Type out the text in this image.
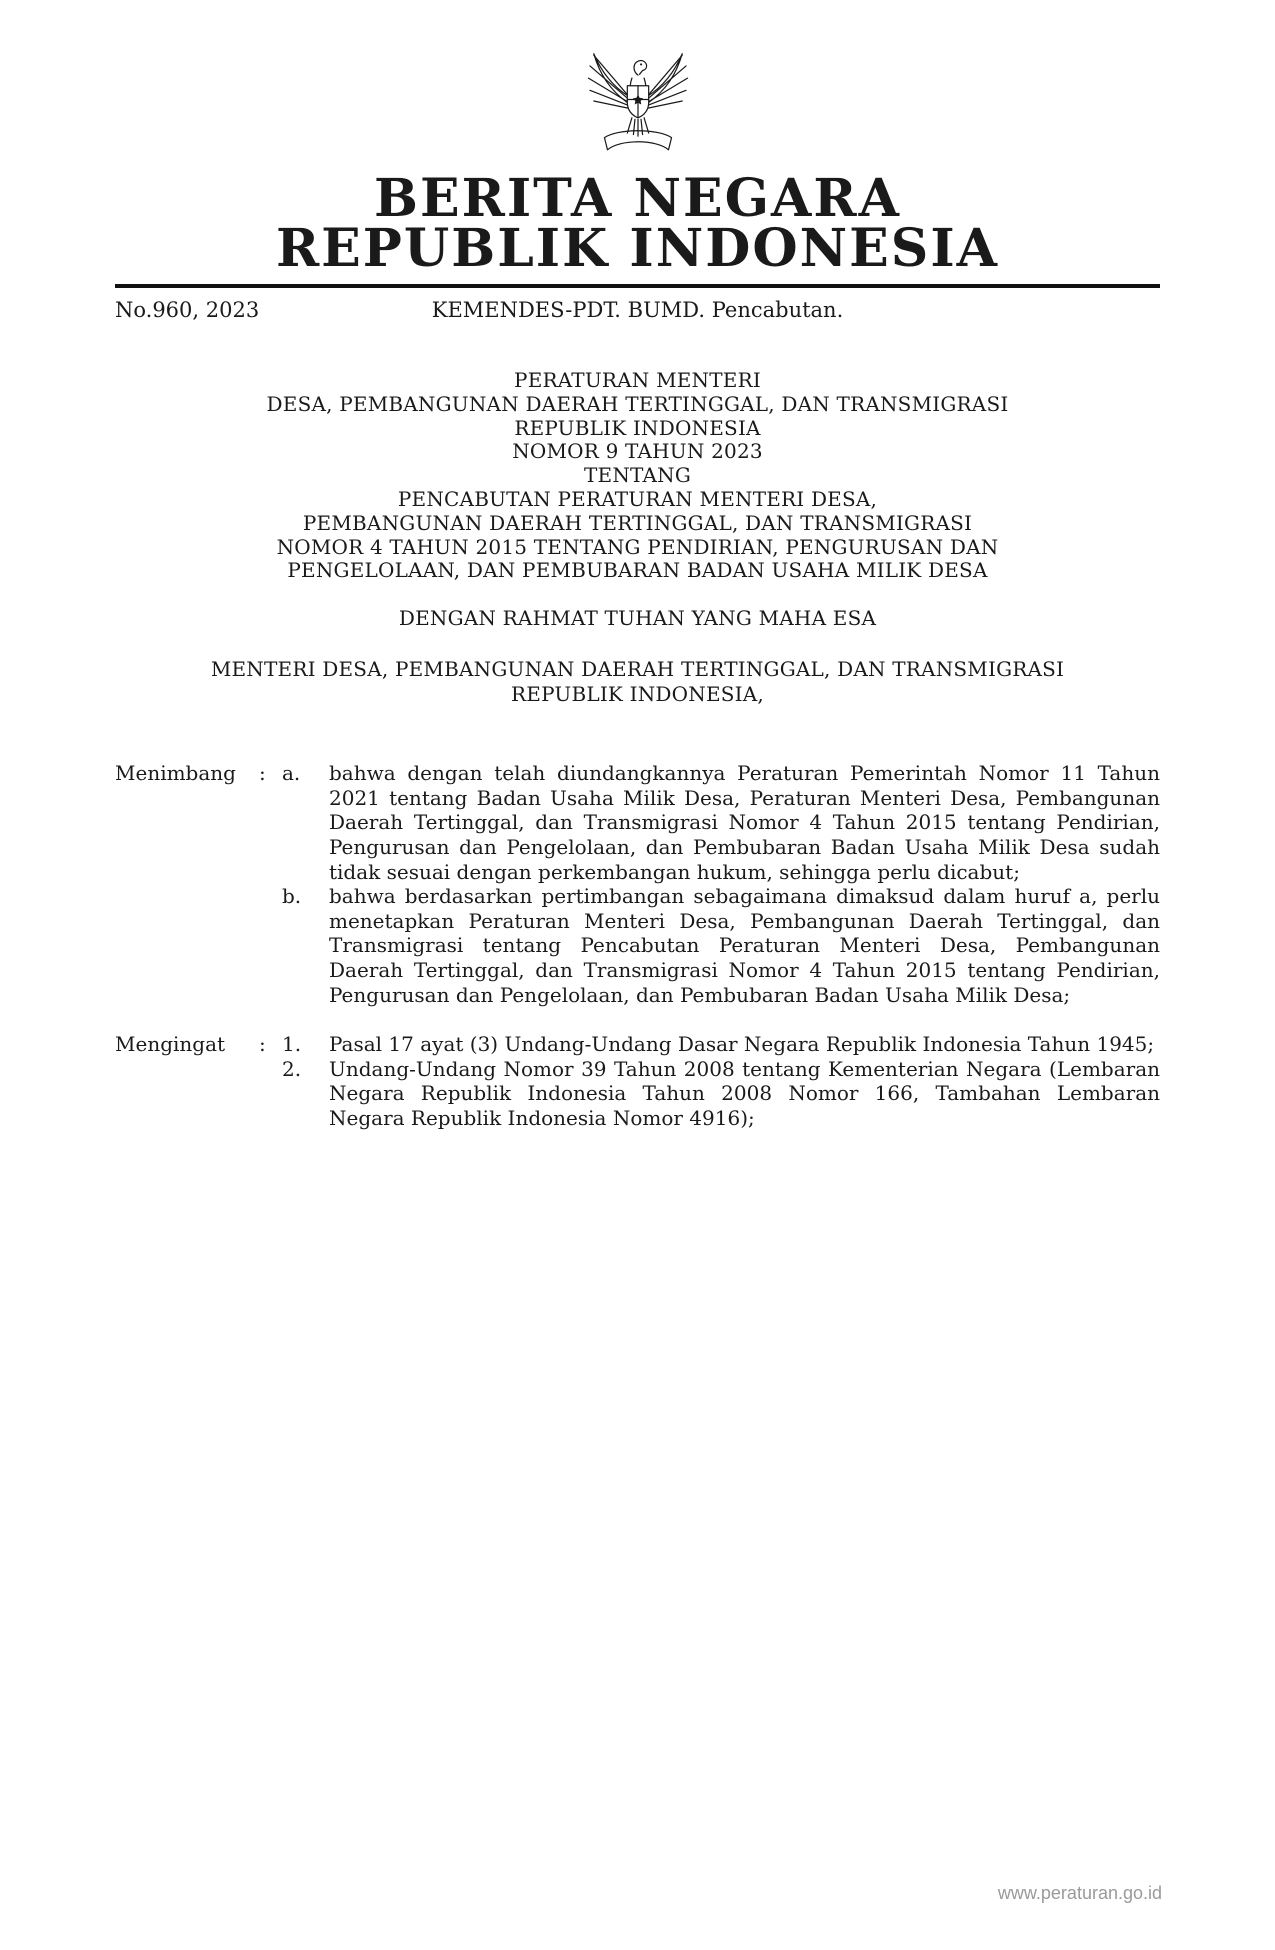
BERITA NEGARA
REPUBLIK INDONESIA
No.960, 2023	KEMENDES-PDT. BUMD. Pencabutan.
PERATURAN MENTERI
DESA, PEMBANGUNAN DAERAH TERTINGGAL, DAN TRANSMIGRASI
REPUBLIK INDONESIA
NOMOR 9 TAHUN 2023
TENTANG
PENCABUTAN PERATURAN MENTERI DESA,
PEMBANGUNAN DAERAH TERTINGGAL, DAN TRANSMIGRASI
NOMOR 4 TAHUN 2015 TENTANG PENDIRIAN, PENGURUSAN DAN
PENGELOLAAN, DAN PEMBUBARAN BADAN USAHA MILIK DESA
DENGAN RAHMAT TUHAN YANG MAHA ESA
MENTERI DESA, PEMBANGUNAN DAERAH TERTINGGAL, DAN TRANSMIGRASI
REPUBLIK INDONESIA,
Menimbang	: a.	bahwa dengan telah diundangkannya Peraturan Pemerintah Nomor 11 Tahun 2021 tentang Badan Usaha Milik Desa, Peraturan Menteri Desa, Pembangunan Daerah Tertinggal, dan Transmigrasi Nomor 4 Tahun 2015 tentang Pendirian, Pengurusan dan Pengelolaan, dan Pembubaran Badan Usaha Milik Desa sudah tidak sesuai dengan perkembangan hukum, sehingga perlu dicabut;
b.	bahwa berdasarkan pertimbangan sebagaimana dimaksud dalam huruf a, perlu menetapkan Peraturan Menteri Desa, Pembangunan Daerah Tertinggal, dan Transmigrasi tentang Pencabutan Peraturan Menteri Desa, Pembangunan Daerah Tertinggal, dan Transmigrasi Nomor 4 Tahun 2015 tentang Pendirian, Pengurusan dan Pengelolaan, dan Pembubaran Badan Usaha Milik Desa;
Mengingat	: 1.	Pasal 17 ayat (3) Undang-Undang Dasar Negara Republik Indonesia Tahun 1945;
2.	Undang-Undang Nomor 39 Tahun 2008 tentang Kementerian Negara (Lembaran Negara Republik Indonesia Tahun 2008 Nomor 166, Tambahan Lembaran Negara Republik Indonesia Nomor 4916);
www.peraturan.go.id
